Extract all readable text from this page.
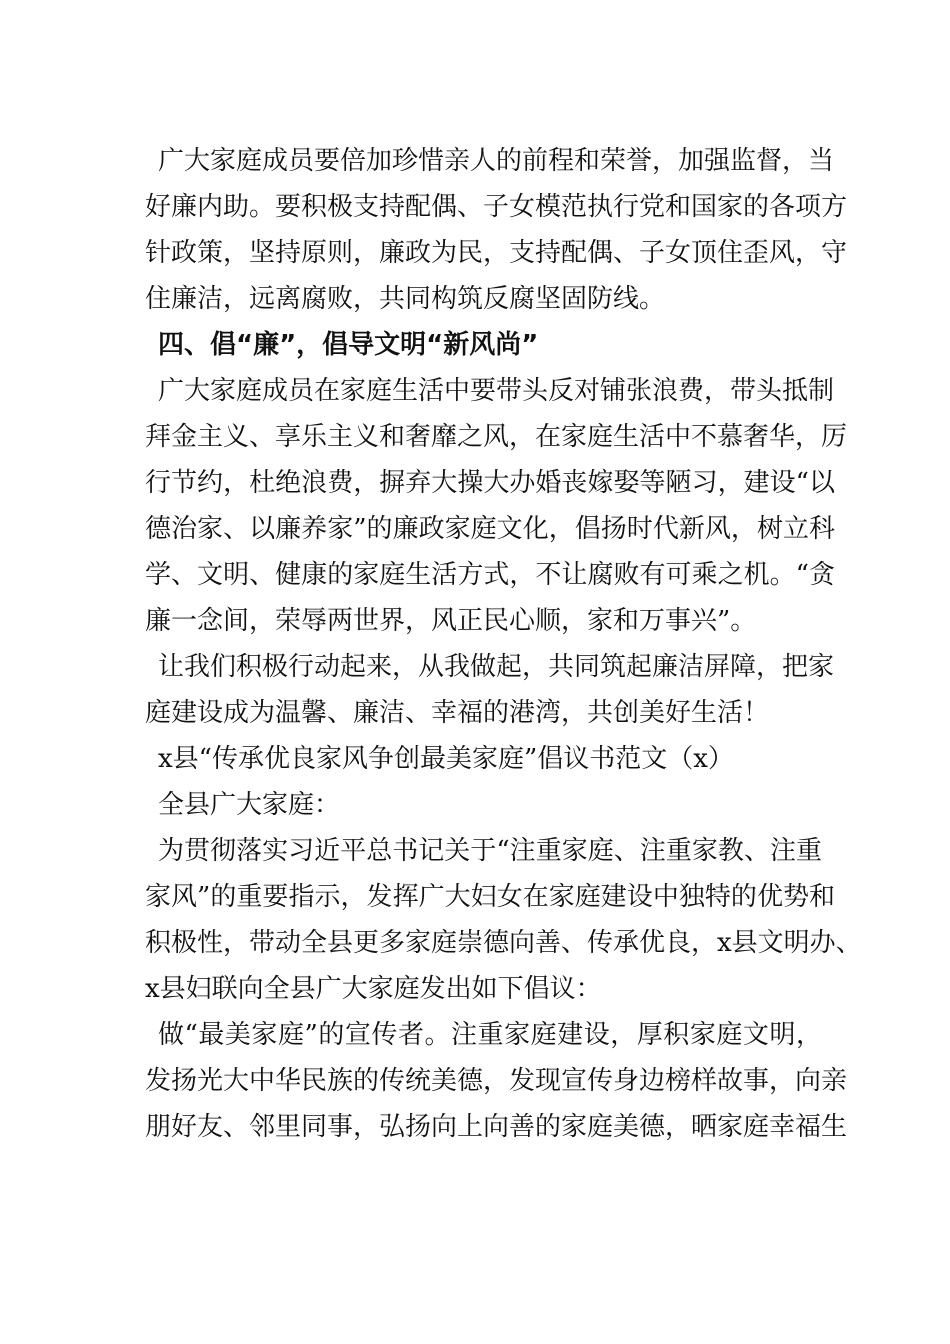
广大家庭成员要倍加珍惜亲人的前程和荣誉，加强监督，当
好廉内助。要积极支持配偶、子女模范执行党和国家的各项方
针政策，坚持原则，廉政为民，支持配偶、子女顶住歪风，守
住廉洁，远离腐败，共同构筑反腐坚固防线。
四、倡“廉”，倡导文明“新风尚”
广大家庭成员在家庭生活中要带头反对铺张浪费，带头抵制
拜金主义、享乐主义和奢靡之风，在家庭生活中不慕奢华，厉
行节约，杜绝浪费，摒弃大操大办婚丧嫁娶等陋习，建设“以
德治家、以廉养家”的廉政家庭文化，倡扬时代新风，树立科
学、文明、健康的家庭生活方式，不让腐败有可乘之机。“贪
廉一念间，荣辱两世界，风正民心顺，家和万事兴”。
让我们积极行动起来，从我做起，共同筑起廉洁屏障，把家
庭建设成为温馨、廉洁、幸福的港湾，共创美好生活！
x县“传承优良家风争创最美家庭”倡议书范文（x）
全县广大家庭：
为贯彻落实习近平总书记关于“注重家庭、注重家教、注重
家风”的重要指示，发挥广大妇女在家庭建设中独特的优势和
积极性，带动全县更多家庭崇德向善、传承优良，x县文明办、
x县妇联向全县广大家庭发出如下倡议：
做“最美家庭”的宣传者。注重家庭建设，厚积家庭文明，
发扬光大中华民族的传统美德，发现宣传身边榜样故事，向亲
朋好友、邻里同事，弘扬向上向善的家庭美德，晒家庭幸福生
